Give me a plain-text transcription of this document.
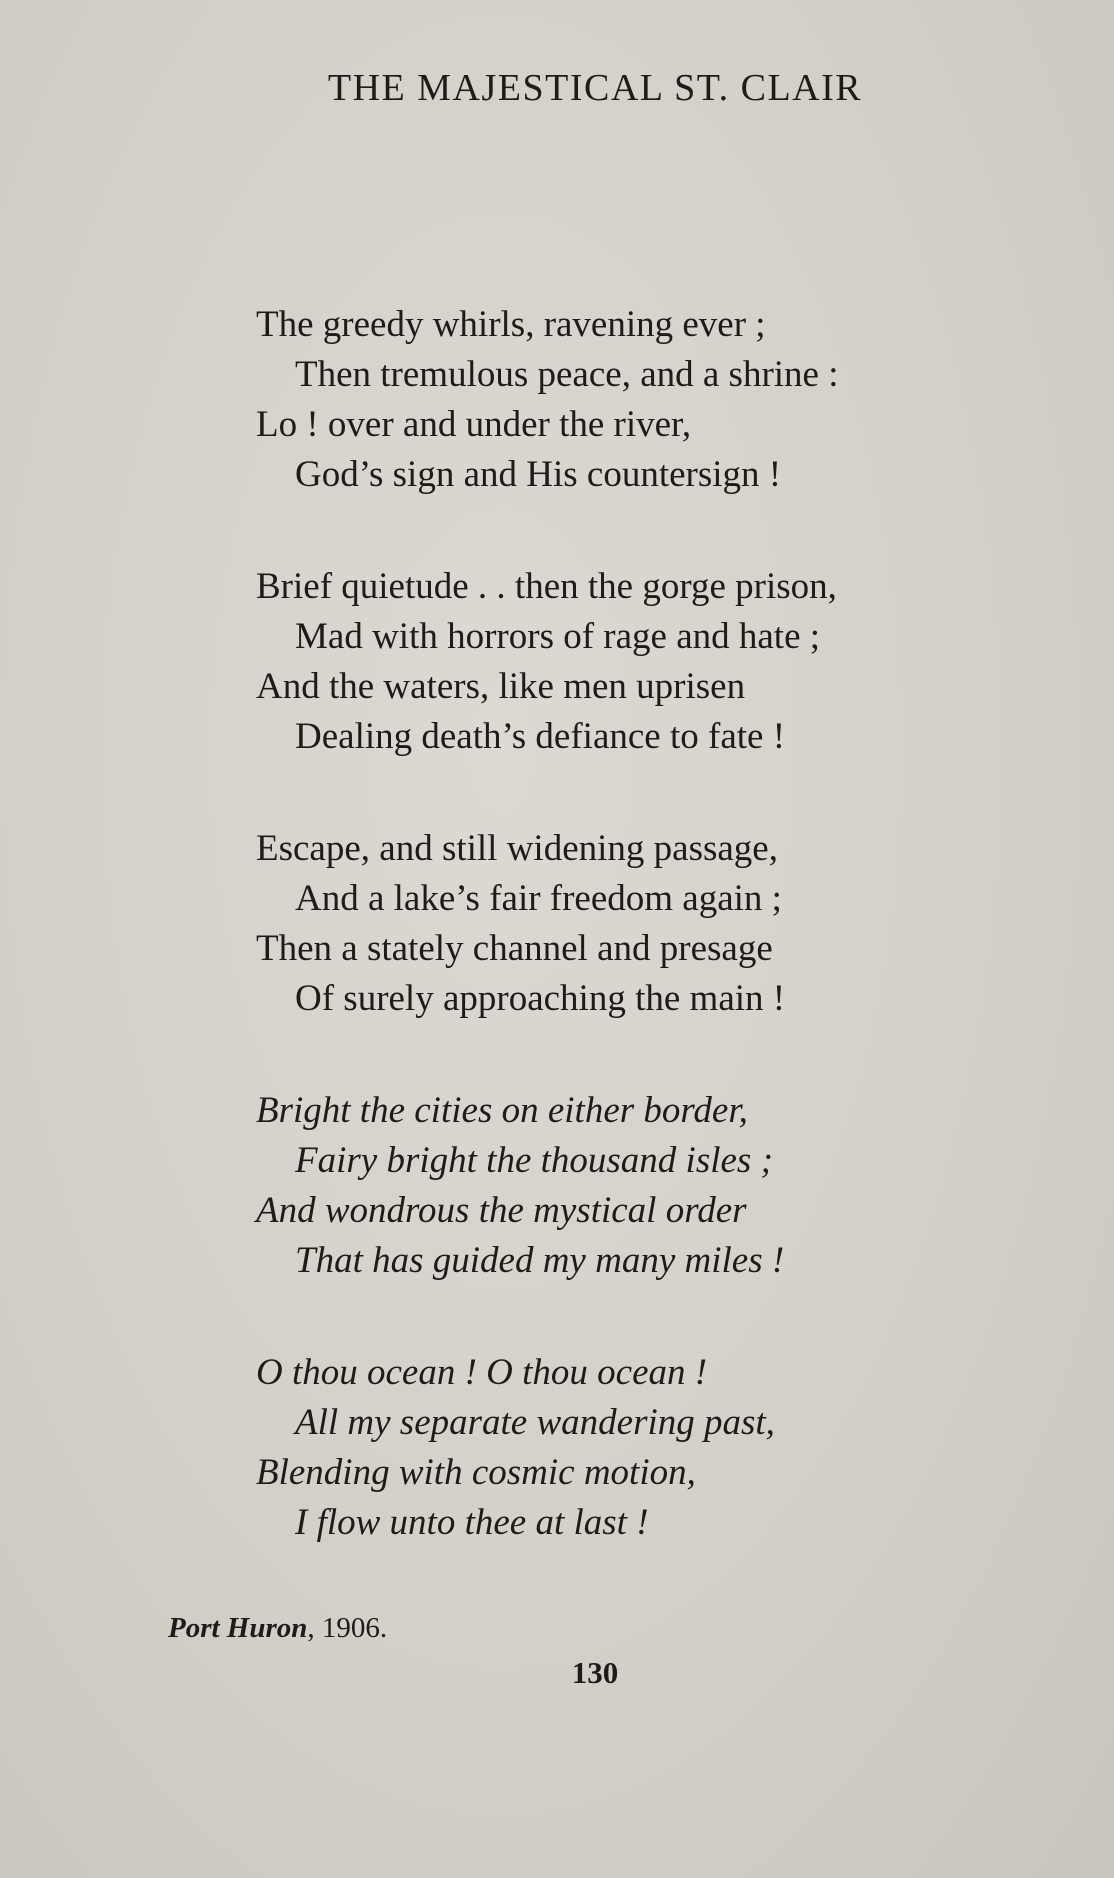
THE MAJESTICAL ST. CLAIR
The greedy whirls, ravening ever ;
Then tremulous peace, and a shrine :
Lo ! over and under the river,
God’s sign and His countersign !
Brief quietude . . then the gorge prison,
Mad with horrors of rage and hate ;
And the waters, like men uprisen
Dealing death’s defiance to fate !
Escape, and still widening passage,
And a lake’s fair freedom again ;
Then a stately channel and presage
Of surely approaching the main !
Bright the cities on either border,
Fairy bright the thousand isles ;
And wondrous the mystical order
That has guided my many miles !
O thou ocean ! O thou ocean !
All my separate wandering past,
Blending with cosmic motion,
I flow unto thee at last !

Port Huron, 1906.

130
